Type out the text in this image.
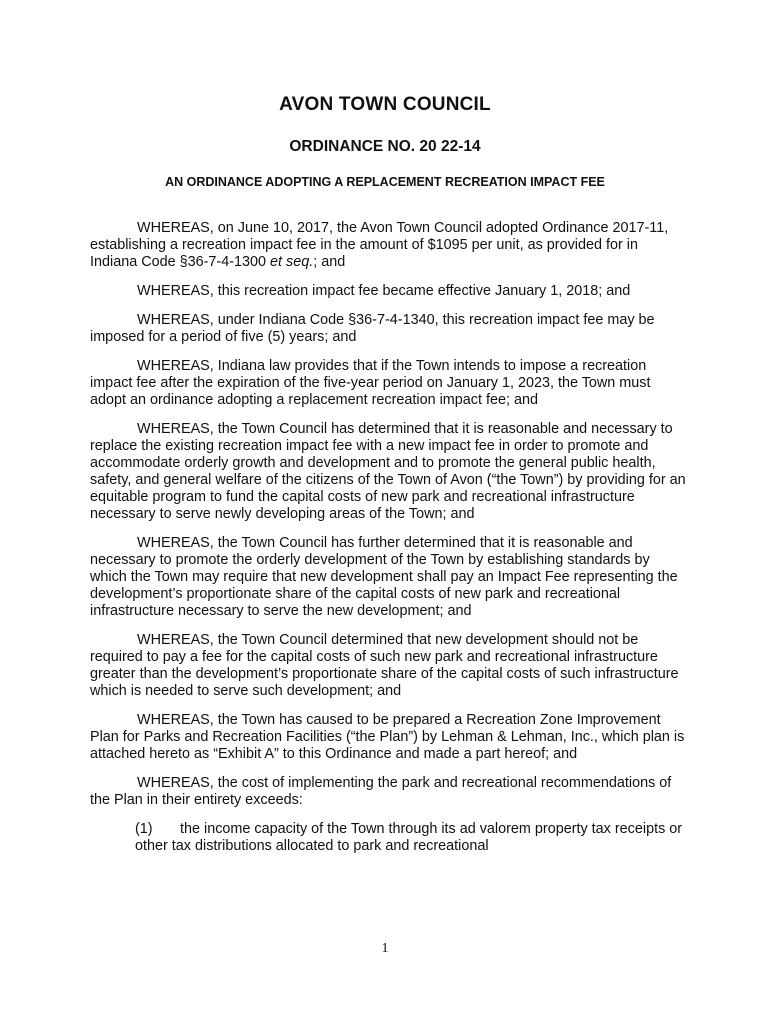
AVON TOWN COUNCIL
ORDINANCE NO. 20 22-14
AN ORDINANCE ADOPTING A REPLACEMENT RECREATION IMPACT FEE

WHEREAS, on June 10, 2017, the Avon Town Council adopted Ordinance 2017-11, establishing a recreation impact fee in the amount of $1095 per unit, as provided for in Indiana Code §36-7-4-1300 et seq.; and

WHEREAS, this recreation impact fee became effective January 1, 2018; and

WHEREAS, under Indiana Code §36-7-4-1340, this recreation impact fee may be imposed for a period of five (5) years; and

WHEREAS, Indiana law provides that if the Town intends to impose a recreation impact fee after the expiration of the five-year period on January 1, 2023, the Town must adopt an ordinance adopting a replacement recreation impact fee; and

WHEREAS, the Town Council has determined that it is reasonable and necessary to replace the existing recreation impact fee with a new impact fee in order to promote and accommodate orderly growth and development and to promote the general public health, safety, and general welfare of the citizens of the Town of Avon (“the Town”) by providing for an equitable program to fund the capital costs of new park and recreational infrastructure necessary to serve newly developing areas of the Town; and

WHEREAS, the Town Council has further determined that it is reasonable and necessary to promote the orderly development of the Town by establishing standards by which the Town may require that new development shall pay an Impact Fee representing the development’s proportionate share of the capital costs of new park and recreational infrastructure necessary to serve the new development; and

WHEREAS, the Town Council determined that new development should not be required to pay a fee for the capital costs of such new park and recreational infrastructure greater than the development’s proportionate share of the capital costs of such infrastructure which is needed to serve such development; and

WHEREAS, the Town has caused to be prepared a Recreation Zone Improvement Plan for Parks and Recreation Facilities (“the Plan”) by Lehman & Lehman, Inc., which plan is attached hereto as “Exhibit A” to this Ordinance and made a part hereof; and

WHEREAS, the cost of implementing the park and recreational recommendations of the Plan in their entirety exceeds:

(1) the income capacity of the Town through its ad valorem property tax receipts or other tax distributions allocated to park and recreational
1
